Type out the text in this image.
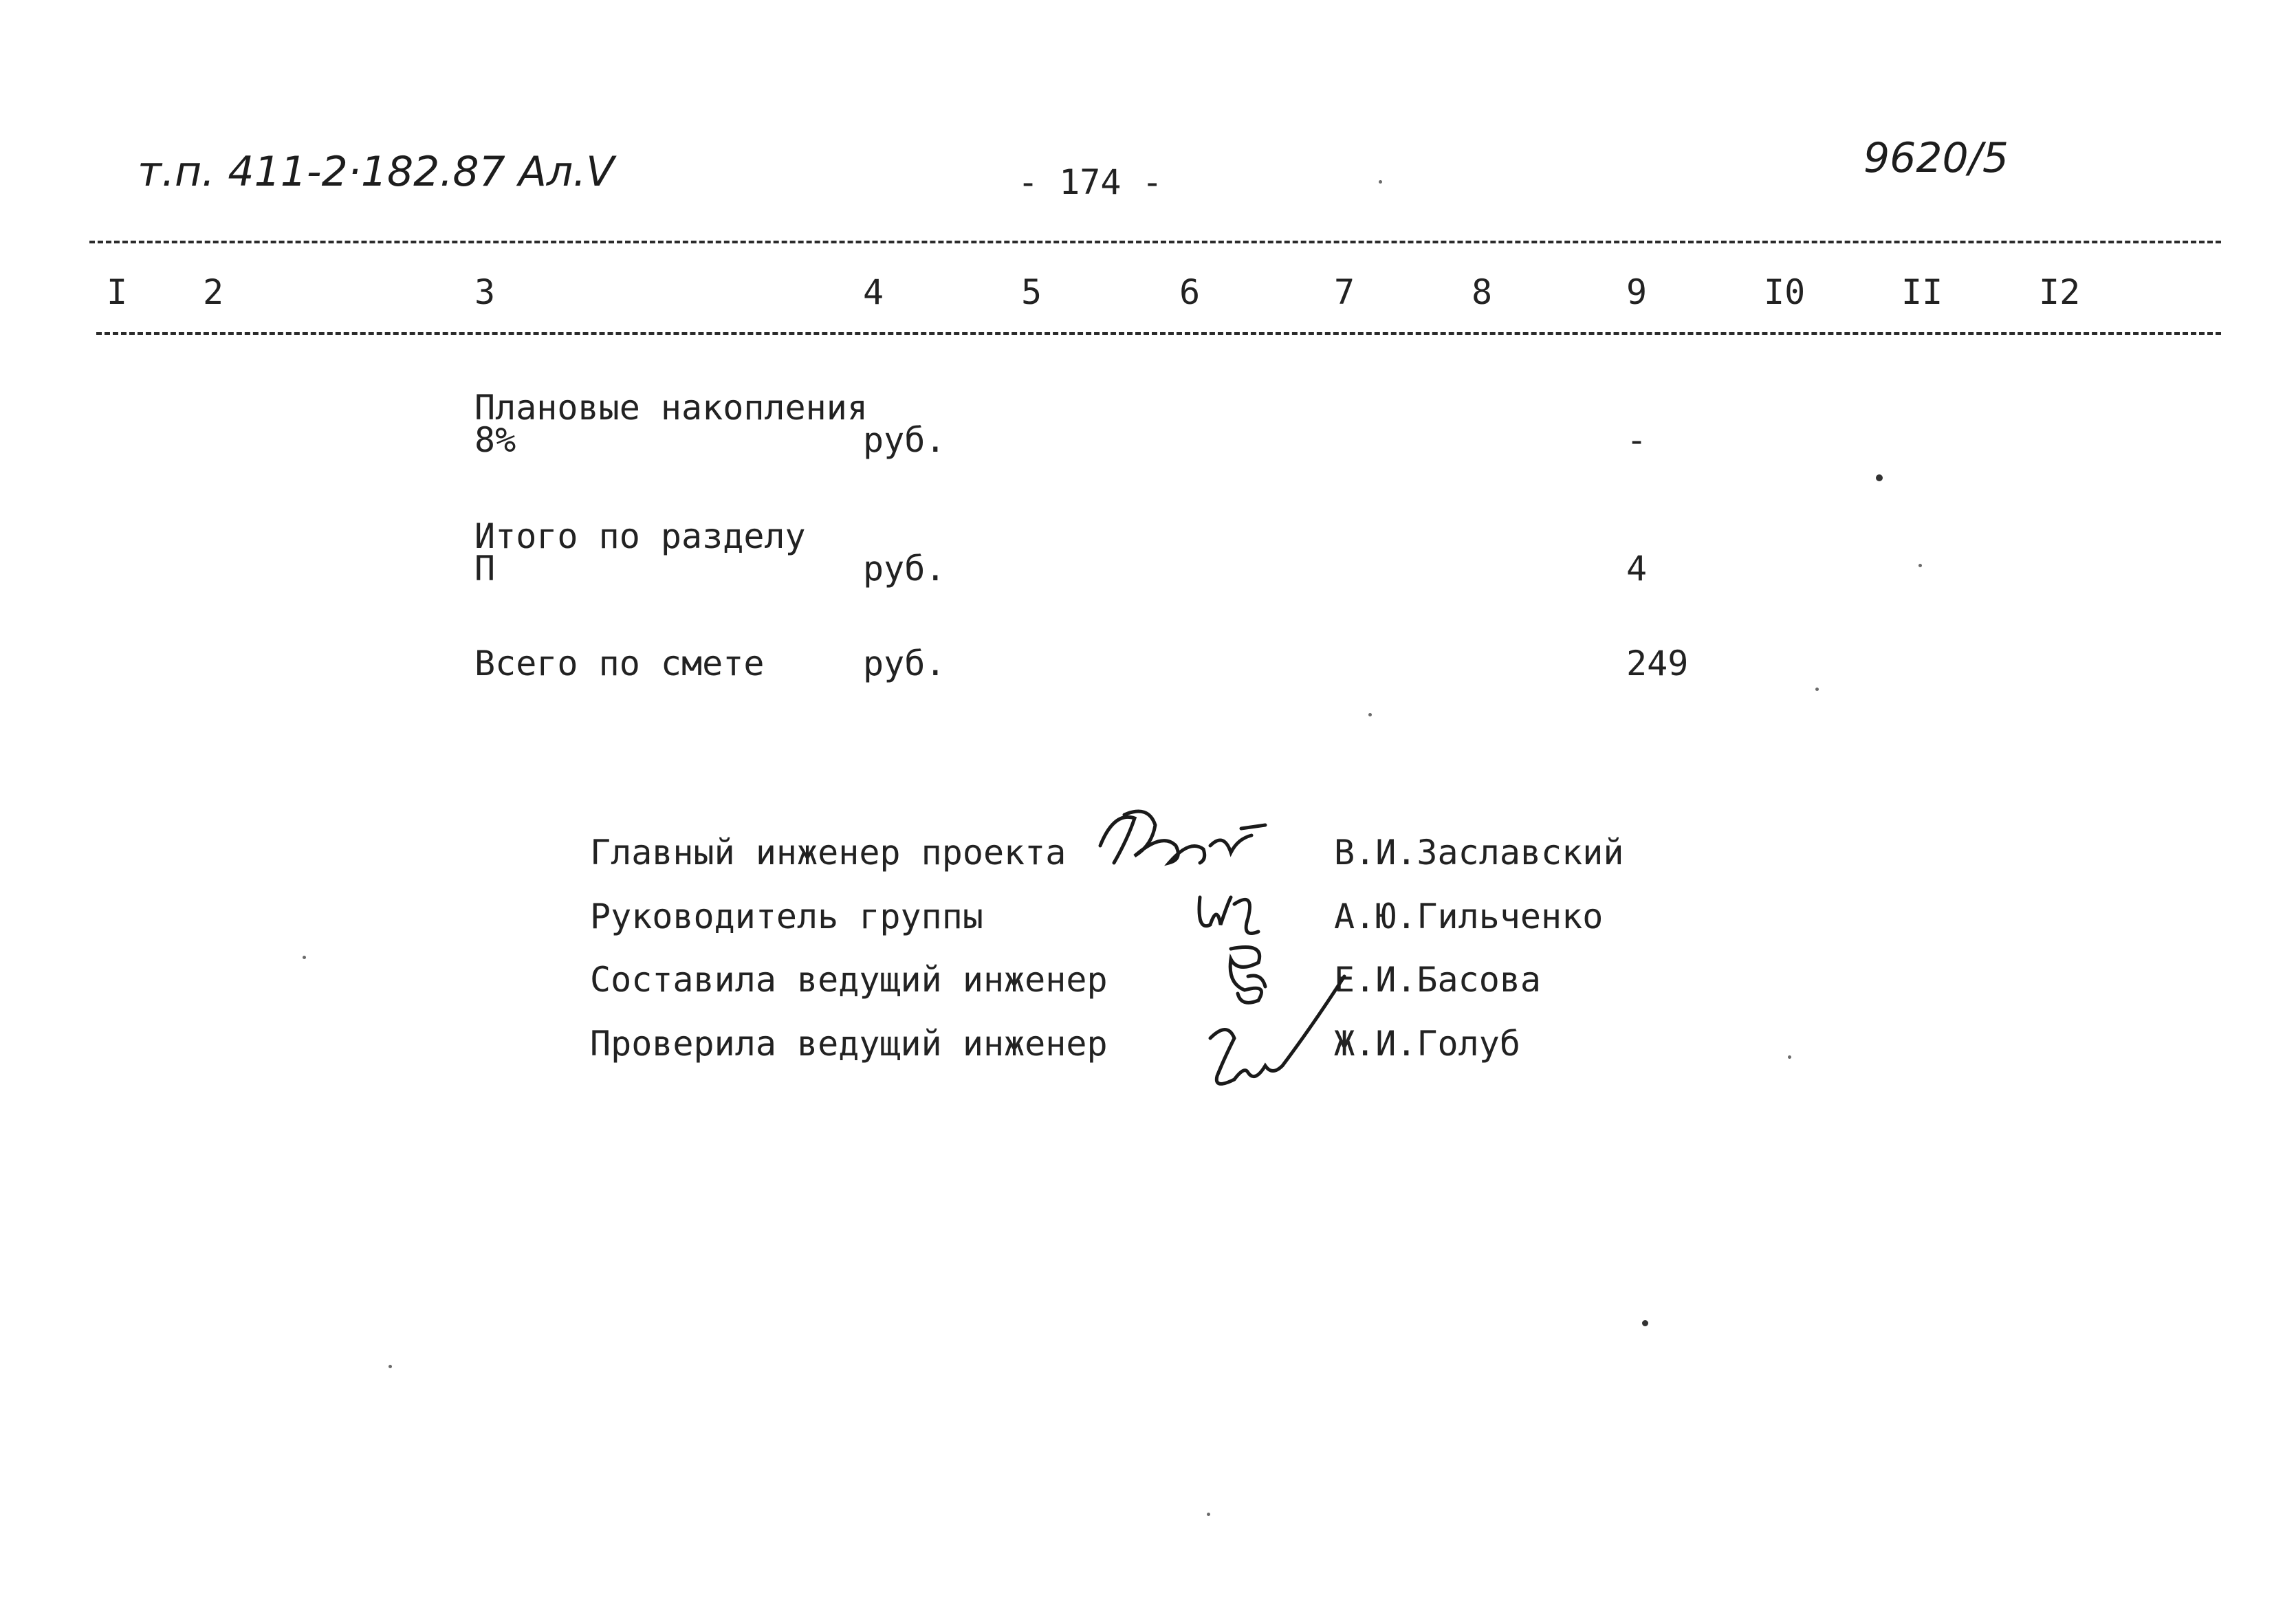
т.п. 411-2·182.87 Ал.V	- 174 -	9620/5
I 2	3	4	5	6	7	8	9	I0	II	I2
Плановые накопления
8%	руб.	-
Итого по разделу
П	руб.	4
Всего по смете	руб.	249
Главный инженер проекта	В.И.Заславский
Руководитель группы	А.Ю.Гильченко
Составила ведущий инженер	Е.И.Басова
Проверила ведущий инженер	Ж.И.Голуб
